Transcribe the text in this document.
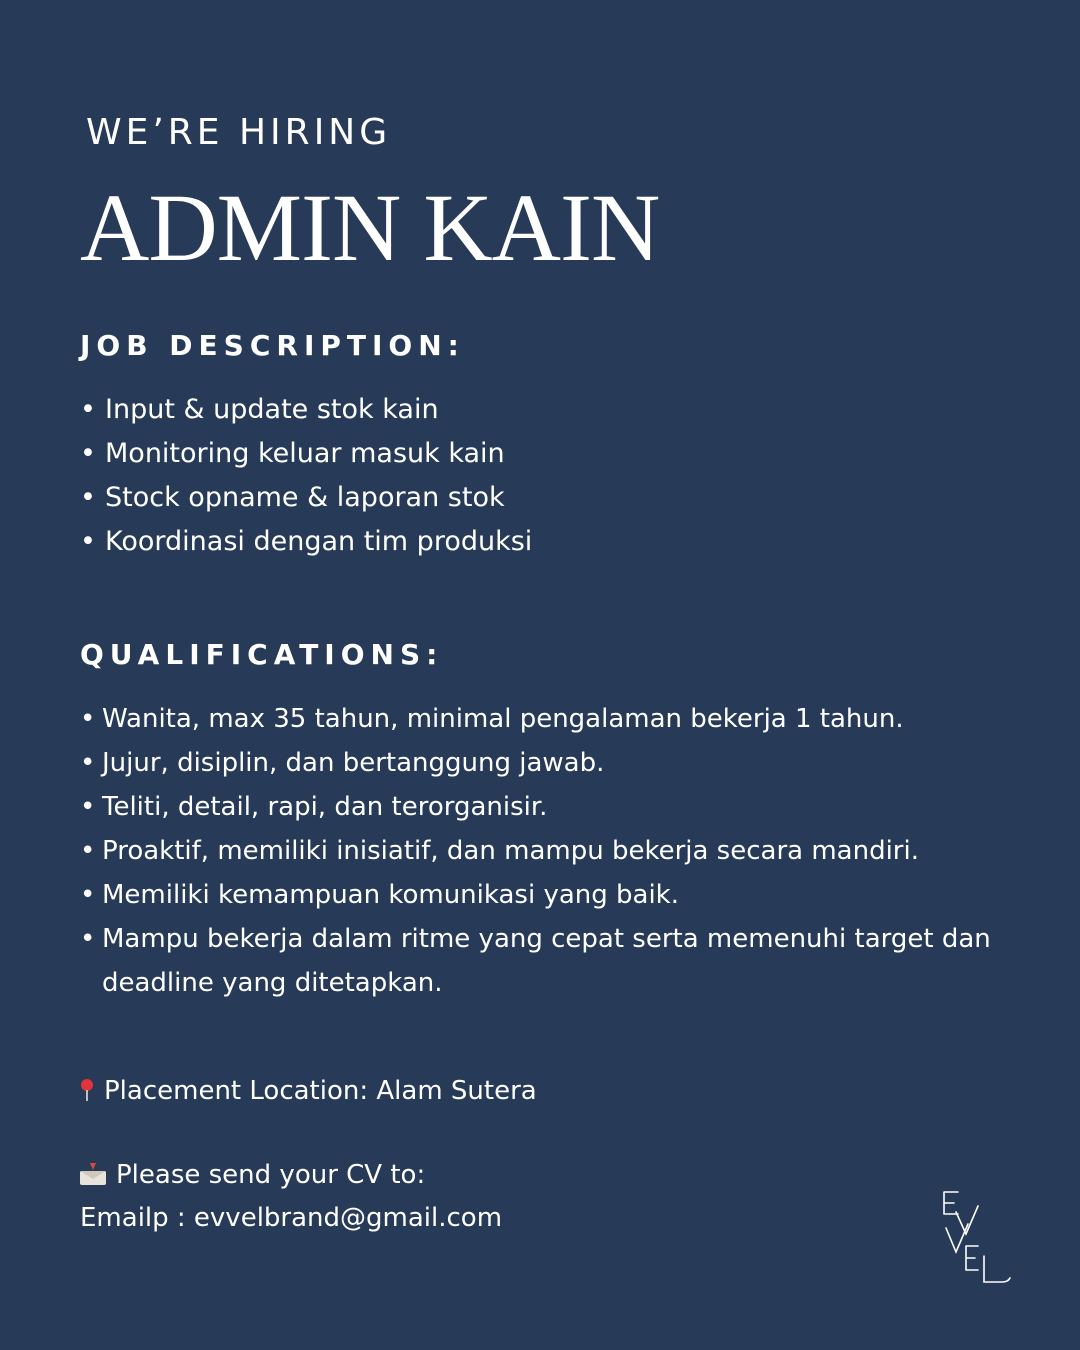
WE’RE HIRING
ADMIN KAIN
JOB DESCRIPTION:
• Input & update stok kain
• Monitoring keluar masuk kain
• Stock opname & laporan stok
• Koordinasi dengan tim produksi
QUALIFICATIONS:
• Wanita, max 35 tahun, minimal pengalaman bekerja 1 tahun.
• Jujur, disiplin, dan bertanggung jawab.
• Teliti, detail, rapi, dan terorganisir.
• Proaktif, memiliki inisiatif, dan mampu bekerja secara mandiri.
• Memiliki kemampuan komunikasi yang baik.
• Mampu bekerja dalam ritme yang cepat serta memenuhi target dan deadline yang ditetapkan.
Placement Location: Alam Sutera
Please send your CV to:
Emailp : evvelbrand@gmail.com
